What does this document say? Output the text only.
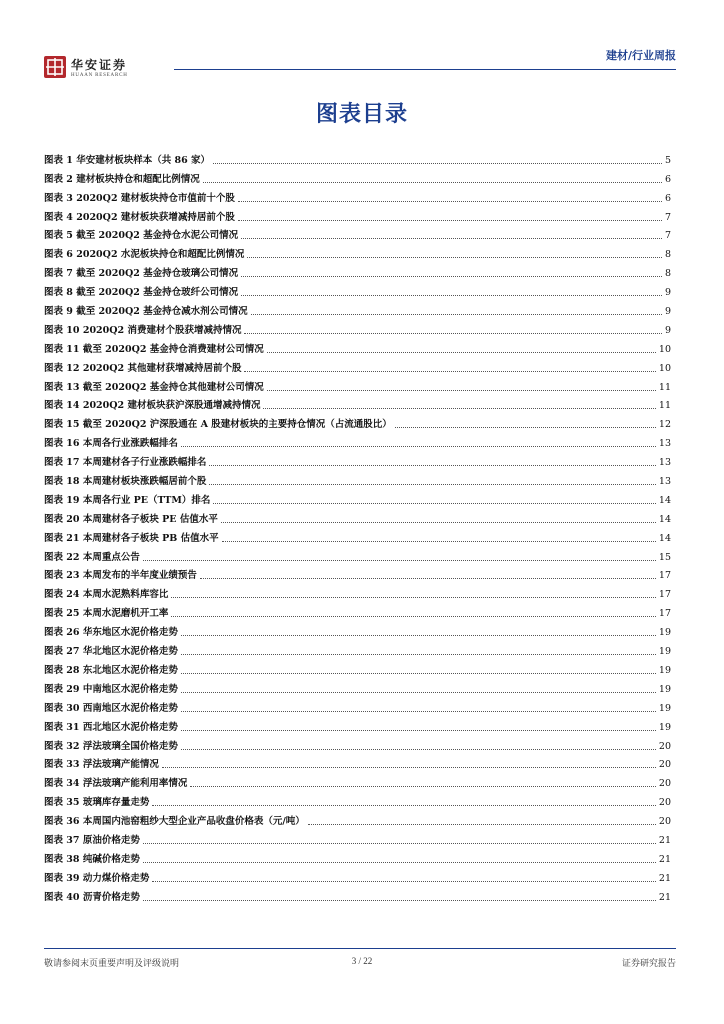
华安证券
HUAAN RESEARCH
建材/行业周报
图表目录
图表 1 华安建材板块样本（共 86 家）	5
图表 2 建材板块持仓和超配比例情况	6
图表 3 2020Q2 建材板块持仓市值前十个股	6
图表 4 2020Q2 建材板块获增减持居前个股	7
图表 5 截至 2020Q2 基金持仓水泥公司情况	7
图表 6 2020Q2 水泥板块持仓和超配比例情况	8
图表 7 截至 2020Q2 基金持仓玻璃公司情况	8
图表 8 截至 2020Q2 基金持仓玻纤公司情况	9
图表 9 截至 2020Q2 基金持仓减水剂公司情况	9
图表 10 2020Q2 消费建材个股获增减持情况	9
图表 11 截至 2020Q2 基金持仓消费建材公司情况	10
图表 12 2020Q2 其他建材获增减持居前个股	10
图表 13 截至 2020Q2 基金持仓其他建材公司情况	11
图表 14 2020Q2 建材板块获沪深股通增减持情况	11
图表 15 截至 2020Q2 沪深股通在 A 股建材板块的主要持仓情况（占流通股比）	12
图表 16 本周各行业涨跌幅排名	13
图表 17 本周建材各子行业涨跌幅排名	13
图表 18 本周建材板块涨跌幅居前个股	13
图表 19 本周各行业 PE（TTM）排名	14
图表 20 本周建材各子板块 PE 估值水平	14
图表 21 本周建材各子板块 PB 估值水平	14
图表 22 本周重点公告	15
图表 23 本周发布的半年度业绩预告	17
图表 24 本周水泥熟料库容比	17
图表 25 本周水泥磨机开工率	17
图表 26 华东地区水泥价格走势	19
图表 27 华北地区水泥价格走势	19
图表 28 东北地区水泥价格走势	19
图表 29 中南地区水泥价格走势	19
图表 30 西南地区水泥价格走势	19
图表 31 西北地区水泥价格走势	19
图表 32 浮法玻璃全国价格走势	20
图表 33 浮法玻璃产能情况	20
图表 34 浮法玻璃产能利用率情况	20
图表 35 玻璃库存量走势	20
图表 36 本周国内池窑粗纱大型企业产品收盘价格表（元/吨）	20
图表 37 原油价格走势	21
图表 38 纯碱价格走势	21
图表 39 动力煤价格走势	21
图表 40 沥青价格走势	21
敬请参阅末页重要声明及评级说明	3 / 22	证券研究报告
